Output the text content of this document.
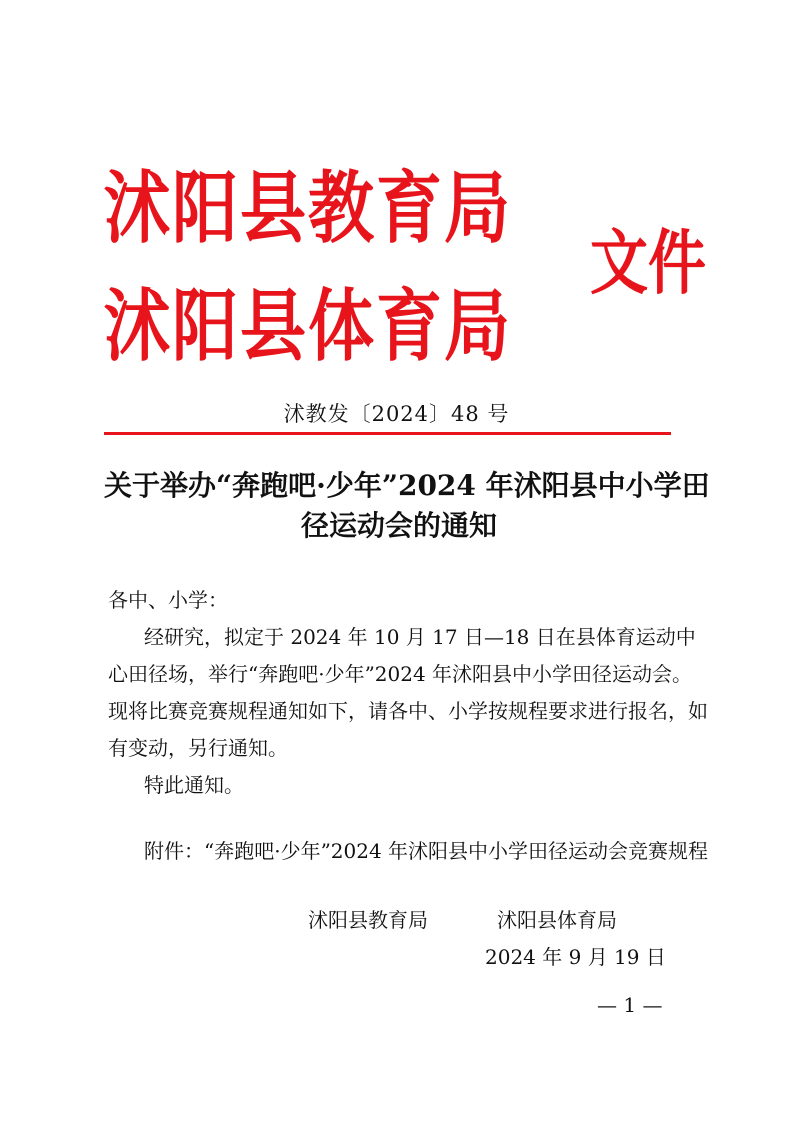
沭阳县教育局
沭阳县体育局
文件
沭教发〔2024〕48 号
关于举办“奔跑吧·少年”2024 年沭阳县中小学田
径运动会的通知
各中、小学：
经研究，拟定于 2024 年 10 月 17 日—18 日在县体育运动中心田径场，举行“奔跑吧·少年”2024 年沭阳县中小学田径运动会。现将比赛竞赛规程通知如下，请各中、小学按规程要求进行报名，如有变动，另行通知。
特此通知。
附件：“奔跑吧·少年”2024 年沭阳县中小学田径运动会竞赛规程
沭阳县教育局	沭阳县体育局
2024 年 9 月 19 日
— 1 —
